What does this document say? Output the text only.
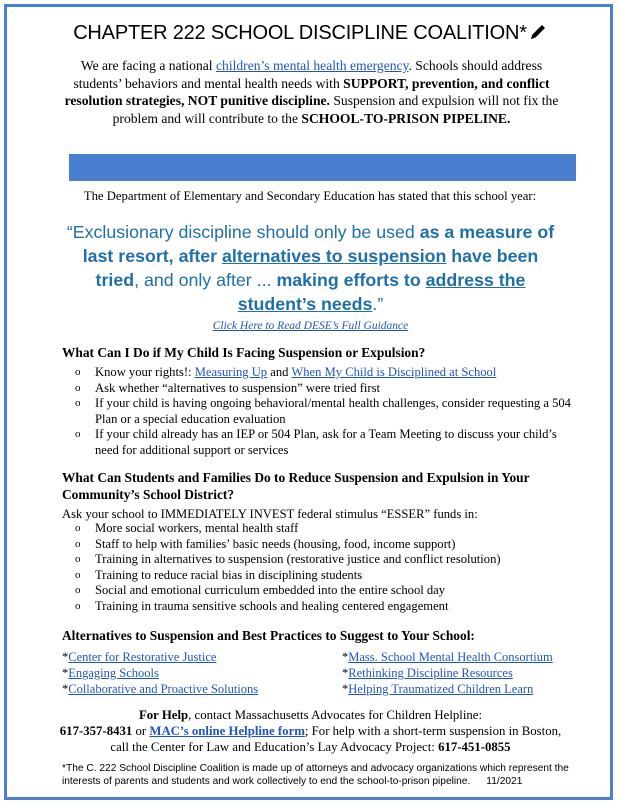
CHAPTER 222 SCHOOL DISCIPLINE COALITION*
We are facing a national children’s mental health emergency. Schools should address students’ behaviors and mental health needs with SUPPORT, prevention, and conflict resolution strategies, NOT punitive discipline. Suspension and expulsion will not fix the problem and will contribute to the SCHOOL-TO-PRISON PIPELINE.
The Department of Elementary and Secondary Education has stated that this school year:
“Exclusionary discipline should only be used as a measure of last resort, after alternatives to suspension have been tried, and only after ... making efforts to address the student’s needs.”
Click Here to Read DESE’s Full Guidance
What Can I Do if My Child Is Facing Suspension or Expulsion?
o Know your rights!: Measuring Up and When My Child is Disciplined at School
o Ask whether “alternatives to suspension” were tried first
o If your child is having ongoing behavioral/mental health challenges, consider requesting a 504 Plan or a special education evaluation
o If your child already has an IEP or 504 Plan, ask for a Team Meeting to discuss your child’s need for additional support or services
What Can Students and Families Do to Reduce Suspension and Expulsion in Your Community’s School District?
Ask your school to IMMEDIATELY INVEST federal stimulus “ESSER” funds in:
o More social workers, mental health staff
o Staff to help with families’ basic needs (housing, food, income support)
o Training in alternatives to suspension (restorative justice and conflict resolution)
o Training to reduce racial bias in disciplining students
o Social and emotional curriculum embedded into the entire school day
o Training in trauma sensitive schools and healing centered engagement
Alternatives to Suspension and Best Practices to Suggest to Your School:
*Center for Restorative Justice
*Engaging Schools
*Collaborative and Proactive Solutions
*Mass. School Mental Health Consortium
*Rethinking Discipline Resources
*Helping Traumatized Children Learn
For Help, contact Massachusetts Advocates for Children Helpline:
617-357-8431 or MAC’s online Helpline form; For help with a short-term suspension in Boston, call the Center for Law and Education’s Lay Advocacy Project: 617-451-0855
*The C. 222 School Discipline Coalition is made up of attorneys and advocacy organizations which represent the interests of parents and students and work collectively to end the school-to-prison pipeline. 11/2021
